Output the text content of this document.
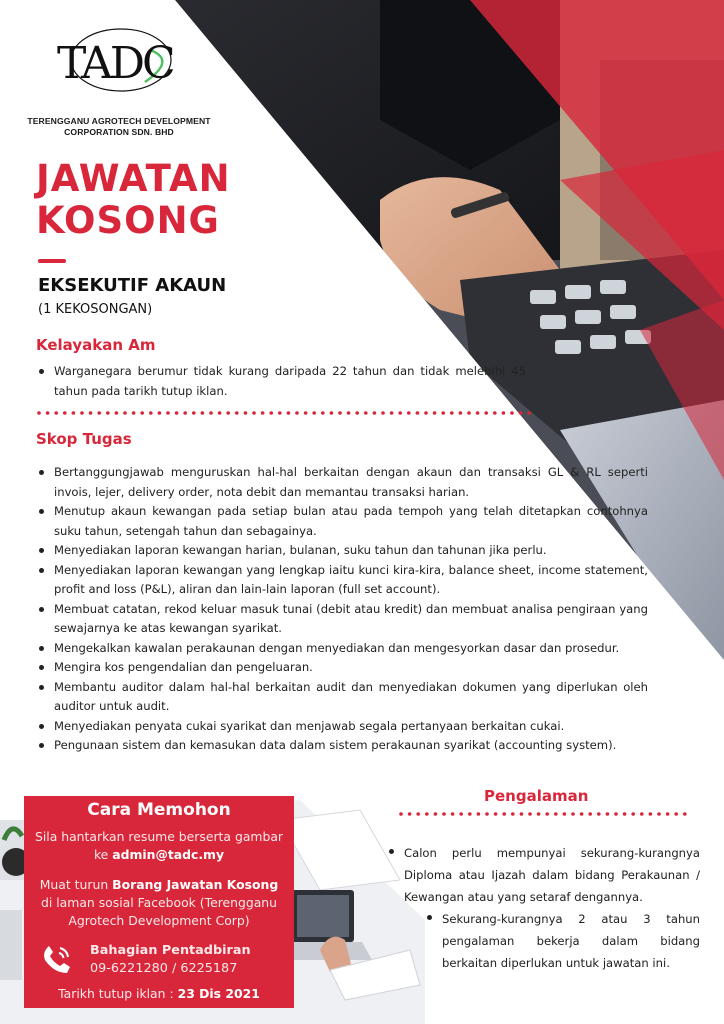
TADC
TERENGGANU AGROTECH DEVELOPMENT
CORPORATION SDN. BHD
JAWATAN
KOSONG
EKSEKUTIF AKAUN
(1 KEKOSONGAN)
Kelayakan Am
Warganegara berumur tidak kurang daripada 22 tahun dan tidak melebihi 45 tahun pada tarikh tutup iklan.
Skop Tugas
Bertanggungjawab menguruskan hal-hal berkaitan dengan akaun dan transaksi GL & RL seperti invois, lejer, delivery order, nota debit dan memantau transaksi harian.
Menutup akaun kewangan pada setiap bulan atau pada tempoh yang telah ditetapkan contohnya suku tahun, setengah tahun dan sebagainya.
Menyediakan laporan kewangan harian, bulanan, suku tahun dan tahunan jika perlu.
Menyediakan laporan kewangan yang lengkap iaitu kunci kira-kira, balance sheet, income statement, profit and loss (P&L), aliran dan lain-lain laporan (full set account).
Membuat catatan, rekod keluar masuk tunai (debit atau kredit) dan membuat analisa pengiraan yang sewajarnya ke atas kewangan syarikat.
Mengekalkan kawalan perakaunan dengan menyediakan dan mengesyorkan dasar dan prosedur.
Mengira kos pengendalian dan pengeluaran.
Membantu auditor dalam hal-hal berkaitan audit dan menyediakan dokumen yang diperlukan oleh auditor untuk audit.
Menyediakan penyata cukai syarikat dan menjawab segala pertanyaan berkaitan cukai.
Pengunaan sistem dan kemasukan data dalam sistem perakaunan syarikat (accounting system).
Cara Memohon
Sila hantarkan resume berserta gambar ke admin@tadc.my
Muat turun Borang Jawatan Kosong di laman sosial Facebook (Terengganu Agrotech Development Corp)
Bahagian Pentadbiran
09-6221280 / 6225187
Tarikh tutup iklan : 23 Dis 2021
Pengalaman
Calon perlu mempunyai sekurang-kurangnya Diploma atau Ijazah dalam bidang Perakaunan / Kewangan atau yang setaraf dengannya.
Sekurang-kurangnya 2 atau 3 tahun pengalaman bekerja dalam bidang berkaitan diperlukan untuk jawatan ini.
